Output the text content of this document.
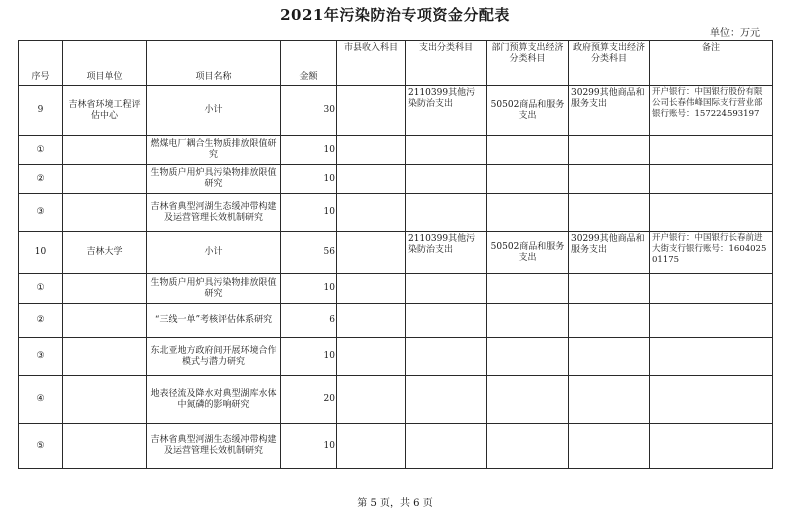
2021年污染防治专项资金分配表
单位：万元
序号	项目单位	项目名称	金额	市县收入科目	支出分类科目	部门预算支出经济分类科目	政府预算支出经济分类科目	备注
9	吉林省环境工程评估中心	小计	30		2110399其他污染防治支出	50502商品和服务支出	30299其他商品和服务支出	开户银行：中国银行股份有限公司长春伟峰国际支行营业部银行账号：157224593197
①		燃煤电厂耦合生物质排放限值研究	10					
②		生物质户用炉具污染物排放限值研究	10					
③		吉林省典型河湖生态缓冲带构建及运营管理长效机制研究	10					
10	吉林大学	小计	56		2110399其他污染防治支出	50502商品和服务支出	30299其他商品和服务支出	开户银行：中国银行长春前进大街支行银行账号：160402501175
①		生物质户用炉具污染物排放限值研究	10					
②		“三线一单”考核评估体系研究	6					
③		东北亚地方政府间开展环境合作模式与潜力研究	10					
④		地表径流及降水对典型湖库水体中氮磷的影响研究	20					
⑤		吉林省典型河湖生态缓冲带构建及运营管理长效机制研究	10					
第 5 页，共 6 页
